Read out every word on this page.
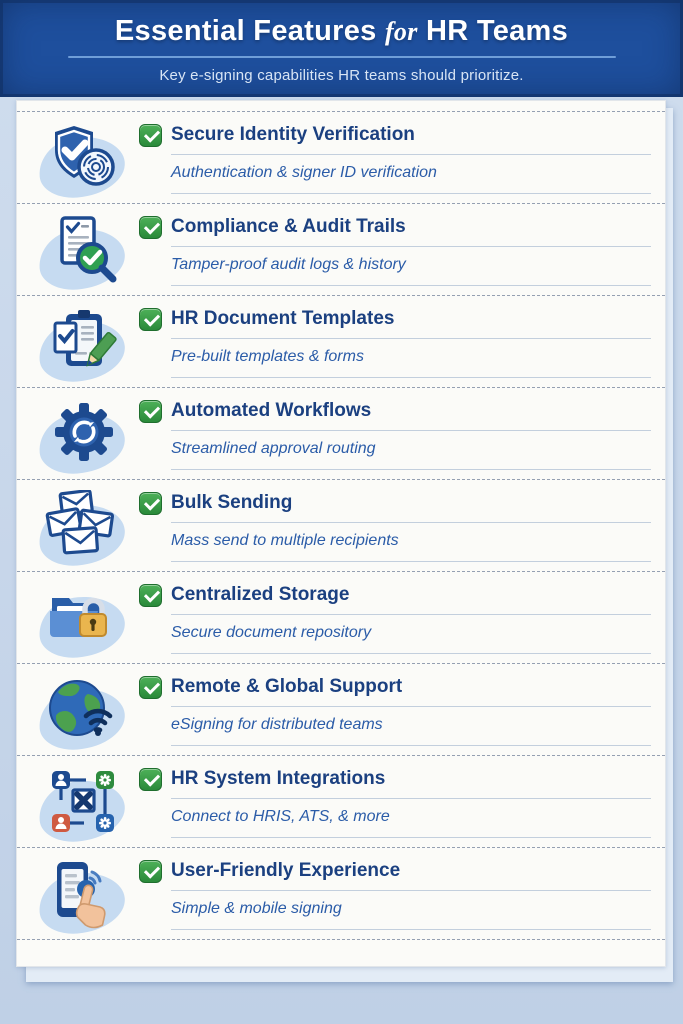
Essential Features for HR Teams

Key e-signing capabilities HR teams should prioritize.

Secure Identity Verification

Authentication & signer ID verification

Compliance & Audit Trails

Tamper-proof audit logs & history

HR Document Templates

Pre-built templates & forms

Automated Workflows

Streamlined approval routing

Bulk Sending

Mass send to multiple recipients

Centralized Storage

Secure document repository

Remote & Global Support

eSigning for distributed teams

HR System Integrations

Connect to HRIS, ATS, & more

User-Friendly Experience

Simple & mobile signing
